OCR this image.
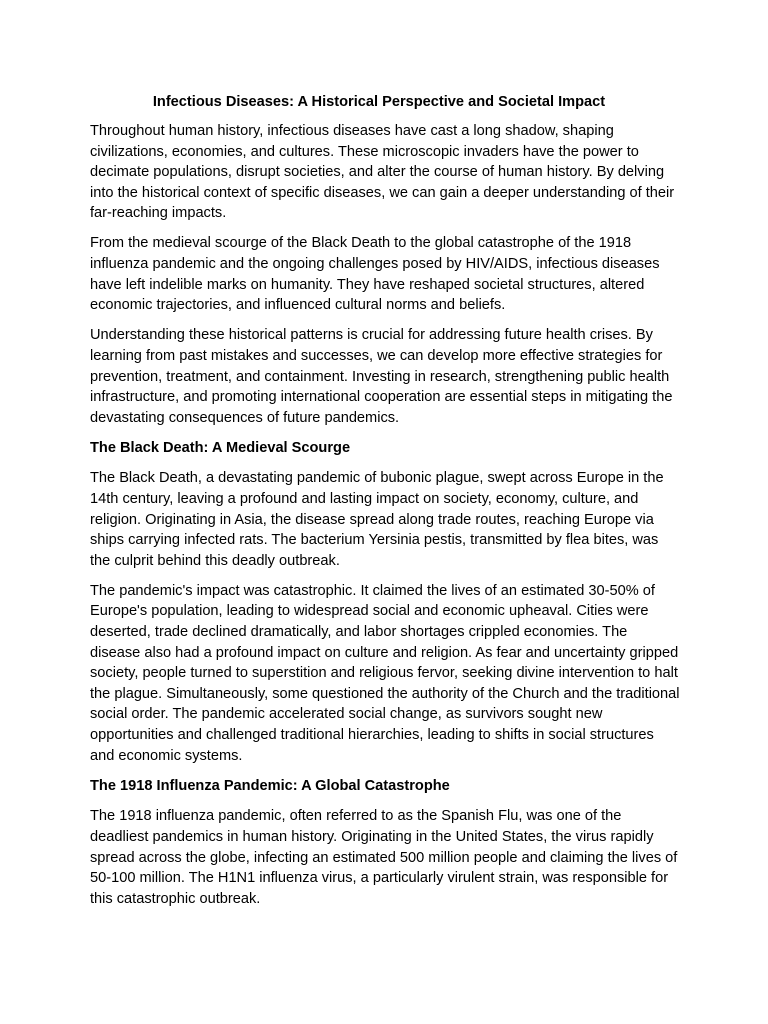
Infectious Diseases: A Historical Perspective and Societal Impact

Throughout human history, infectious diseases have cast a long shadow, shaping civilizations, economies, and cultures. These microscopic invaders have the power to decimate populations, disrupt societies, and alter the course of human history. By delving into the historical context of specific diseases, we can gain a deeper understanding of their far-reaching impacts.

From the medieval scourge of the Black Death to the global catastrophe of the 1918 influenza pandemic and the ongoing challenges posed by HIV/AIDS, infectious diseases have left indelible marks on humanity. They have reshaped societal structures, altered economic trajectories, and influenced cultural norms and beliefs.

Understanding these historical patterns is crucial for addressing future health crises. By learning from past mistakes and successes, we can develop more effective strategies for prevention, treatment, and containment. Investing in research, strengthening public health infrastructure, and promoting international cooperation are essential steps in mitigating the devastating consequences of future pandemics.

The Black Death: A Medieval Scourge

The Black Death, a devastating pandemic of bubonic plague, swept across Europe in the 14th century, leaving a profound and lasting impact on society, economy, culture, and religion. Originating in Asia, the disease spread along trade routes, reaching Europe via ships carrying infected rats. The bacterium Yersinia pestis, transmitted by flea bites, was the culprit behind this deadly outbreak.

The pandemic's impact was catastrophic. It claimed the lives of an estimated 30-50% of Europe's population, leading to widespread social and economic upheaval. Cities were deserted, trade declined dramatically, and labor shortages crippled economies. The disease also had a profound impact on culture and religion. As fear and uncertainty gripped society, people turned to superstition and religious fervor, seeking divine intervention to halt the plague. Simultaneously, some questioned the authority of the Church and the traditional social order. The pandemic accelerated social change, as survivors sought new opportunities and challenged traditional hierarchies, leading to shifts in social structures and economic systems.

The 1918 Influenza Pandemic: A Global Catastrophe

The 1918 influenza pandemic, often referred to as the Spanish Flu, was one of the deadliest pandemics in human history. Originating in the United States, the virus rapidly spread across the globe, infecting an estimated 500 million people and claiming the lives of 50-100 million. The H1N1 influenza virus, a particularly virulent strain, was responsible for this catastrophic outbreak.
